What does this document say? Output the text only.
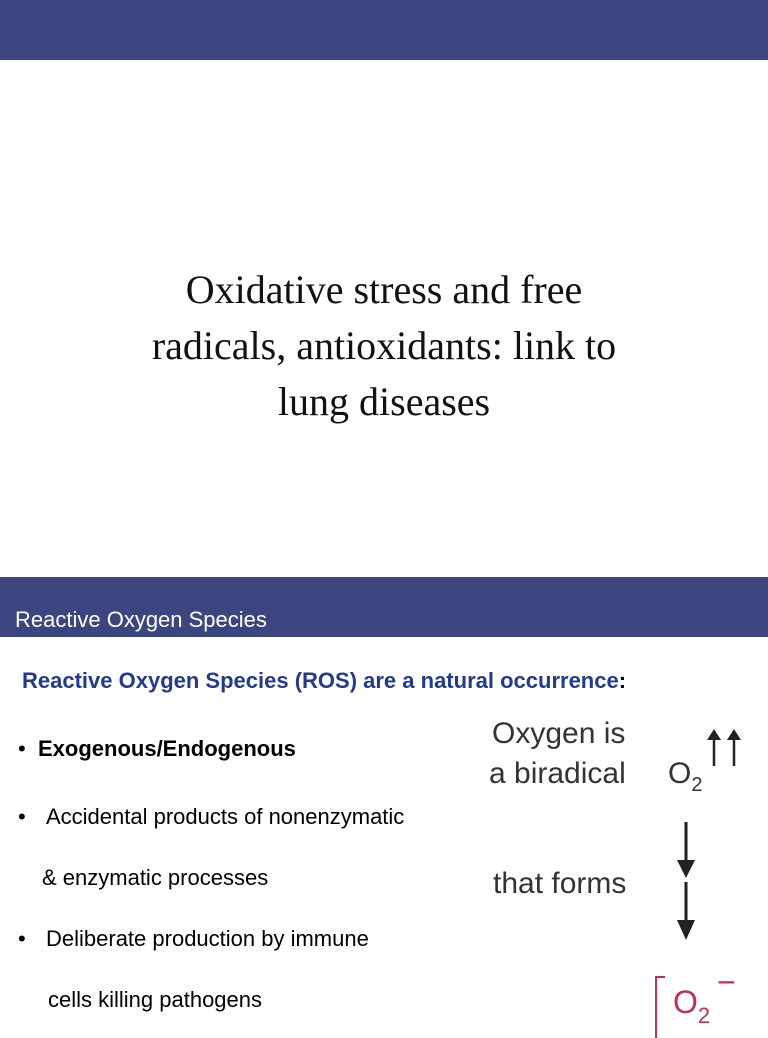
Oxidative stress and free
radicals, antioxidants: link to
lung diseases
Reactive Oxygen Species
Reactive Oxygen Species (ROS) are a natural occurrence:
• Exogenous/Endogenous
• Accidental products of nonenzymatic
& enzymatic processes
• Deliberate production by immune
cells killing pathogens
Oxygen is
a biradical $O_2$
that forms
$O_2$
−
